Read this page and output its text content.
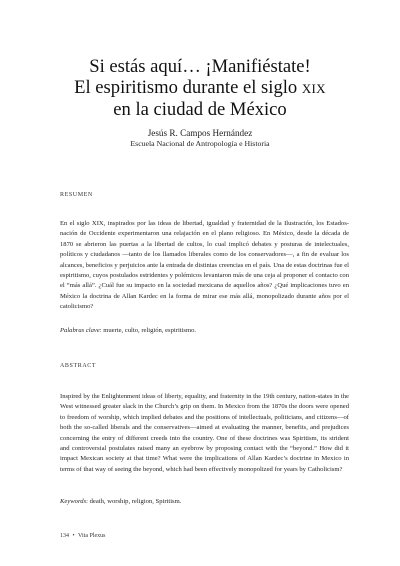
Si estás aquí… ¡Manifiéstate!
El espiritismo durante el siglo XIX
en la ciudad de México
Jesús R. Campos Hernández
Escuela Nacional de Antropología e Historia
RESUMEN
En el siglo XIX, inspirados por las ideas de libertad, igualdad y fraternidad de la Ilustración, los Estados-nación de Occidente experimentaron una relajación en el plano religioso. En México, desde la década de 1870 se abrieron las puertas a la libertad de cultos, lo cual implicó debates y posturas de intelectuales, políticos y ciudadanos —tanto de los llamados liberales como de los conservadores—, a fin de evaluar los alcances, beneficios y perjuicios ante la entrada de distintas creencias en el país. Una de estas doctrinas fue el espiritismo, cuyos postulados estridentes y polémicos levantaron más de una ceja al proponer el contacto con el “más allá”. ¿Cuál fue su impacto en la sociedad mexicana de aquellos años? ¿Qué implicaciones tuvo en México la doctrina de Allan Kardec en la forma de mirar ese más allá, monopolizado durante años por el catolicismo?
Palabras clave: muerte, culto, religión, espiritismo.
ABSTRACT
Inspired by the Enlightenment ideas of liberty, equality, and fraternity in the 19th century, nation-states in the West witnessed greater slack in the Church’s grip on them. In Mexico from the 1870s the doors were opened to freedom of worship, which implied debates and the positions of intellectuals, politicians, and citizens—of both the so-called liberals and the conservatives—aimed at evaluating the manner, benefits, and prejudices concerning the entry of different creeds into the country. One of these doctrines was Spiritism, its strident and controversial postulates raised many an eyebrow by proposing contact with the “beyond.” How did it impact Mexican society at that time? What were the implications of Allan Kardec’s doctrine in Mexico in terms of that way of seeing the beyond, which had been effectively monopolized for years by Catholicism?
Keywords: death, worship, religion, Spiritism.
134 • Vita Plexus
